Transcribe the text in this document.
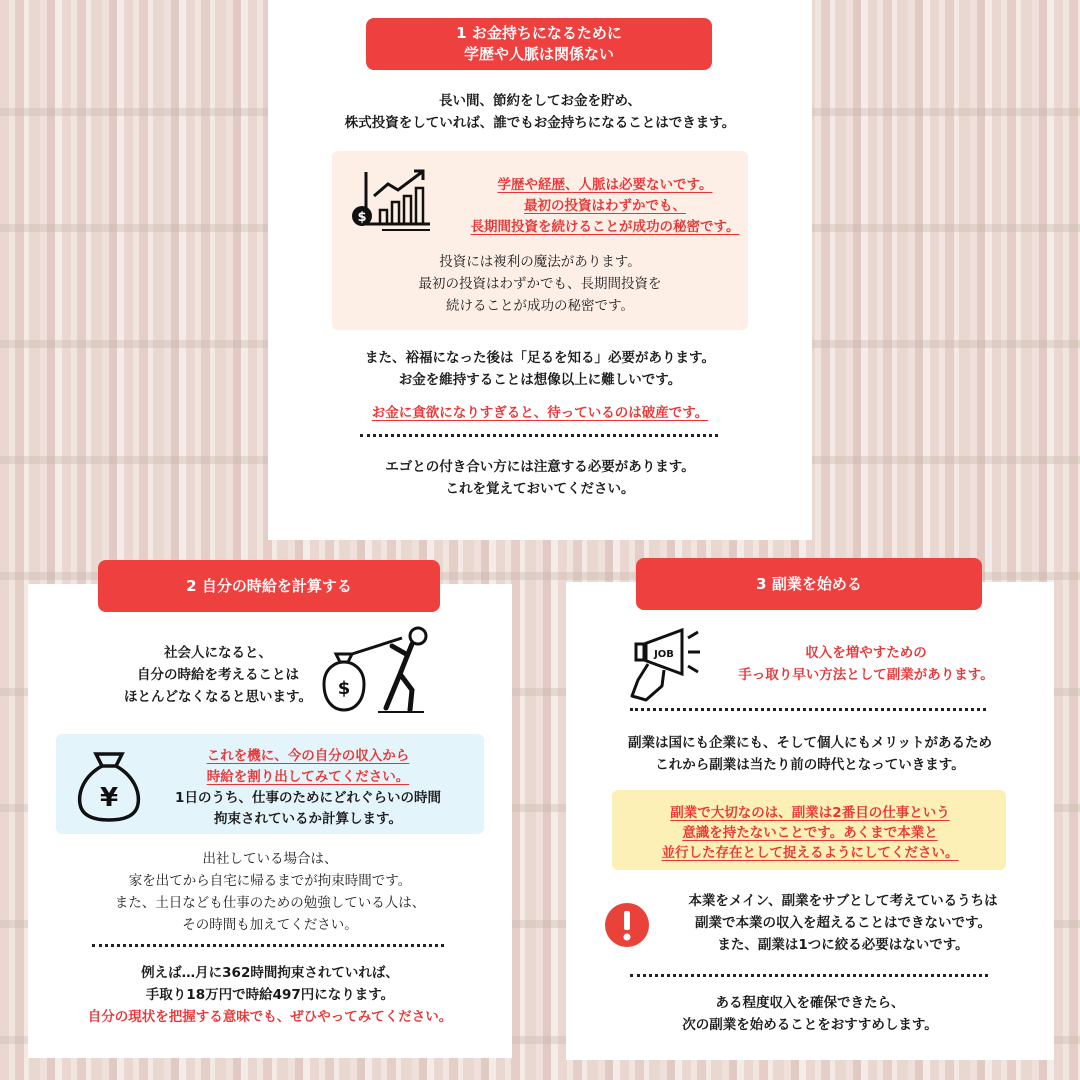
1 お金持ちになるために
学歴や人脈は関係ない
長い間、節約をしてお金を貯め、
株式投資をしていれば、誰でもお金持ちになることはできます。
$
学歴や経歴、人脈は必要ないです。
最初の投資はわずかでも、
長期間投資を続けることが成功の秘密です。
投資には複利の魔法があります。
最初の投資はわずかでも、長期間投資を
続けることが成功の秘密です。
また、裕福になった後は「足るを知る」必要があります。
お金を維持することは想像以上に難しいです。
お金に貪欲になりすぎると、待っているのは破産です。
エゴとの付き合い方には注意する必要があります。
これを覚えておいてください。
2 自分の時給を計算する
社会人になると、
自分の時給を考えることは
ほとんどなくなると思います。	$
¥
これを機に、今の自分の収入から
時給を割り出してみてください。
1日のうち、仕事のためにどれぐらいの時間
拘束されているか計算します。
出社している場合は、
家を出てから自宅に帰るまでが拘束時間です。
また、土日なども仕事のための勉強している人は、
その時間も加えてください。
例えば…月に362時間拘束されていれば、
手取り18万円で時給497円になります。
自分の現状を把握する意味でも、ぜひやってみてください。
3 副業を始める
JOB	収入を増やすための
手っ取り早い方法として副業があります。
副業は国にも企業にも、そして個人にもメリットがあるため
これから副業は当たり前の時代となっていきます。
副業で大切なのは、副業は2番目の仕事という
意識を持たないことです。あくまで本業と
並行した存在として捉えるようにしてください。
本業をメイン、副業をサブとして考えているうちは
副業で本業の収入を超えることはできないです。
また、副業は1つに絞る必要はないです。
ある程度収入を確保できたら、
次の副業を始めることをおすすめします。
